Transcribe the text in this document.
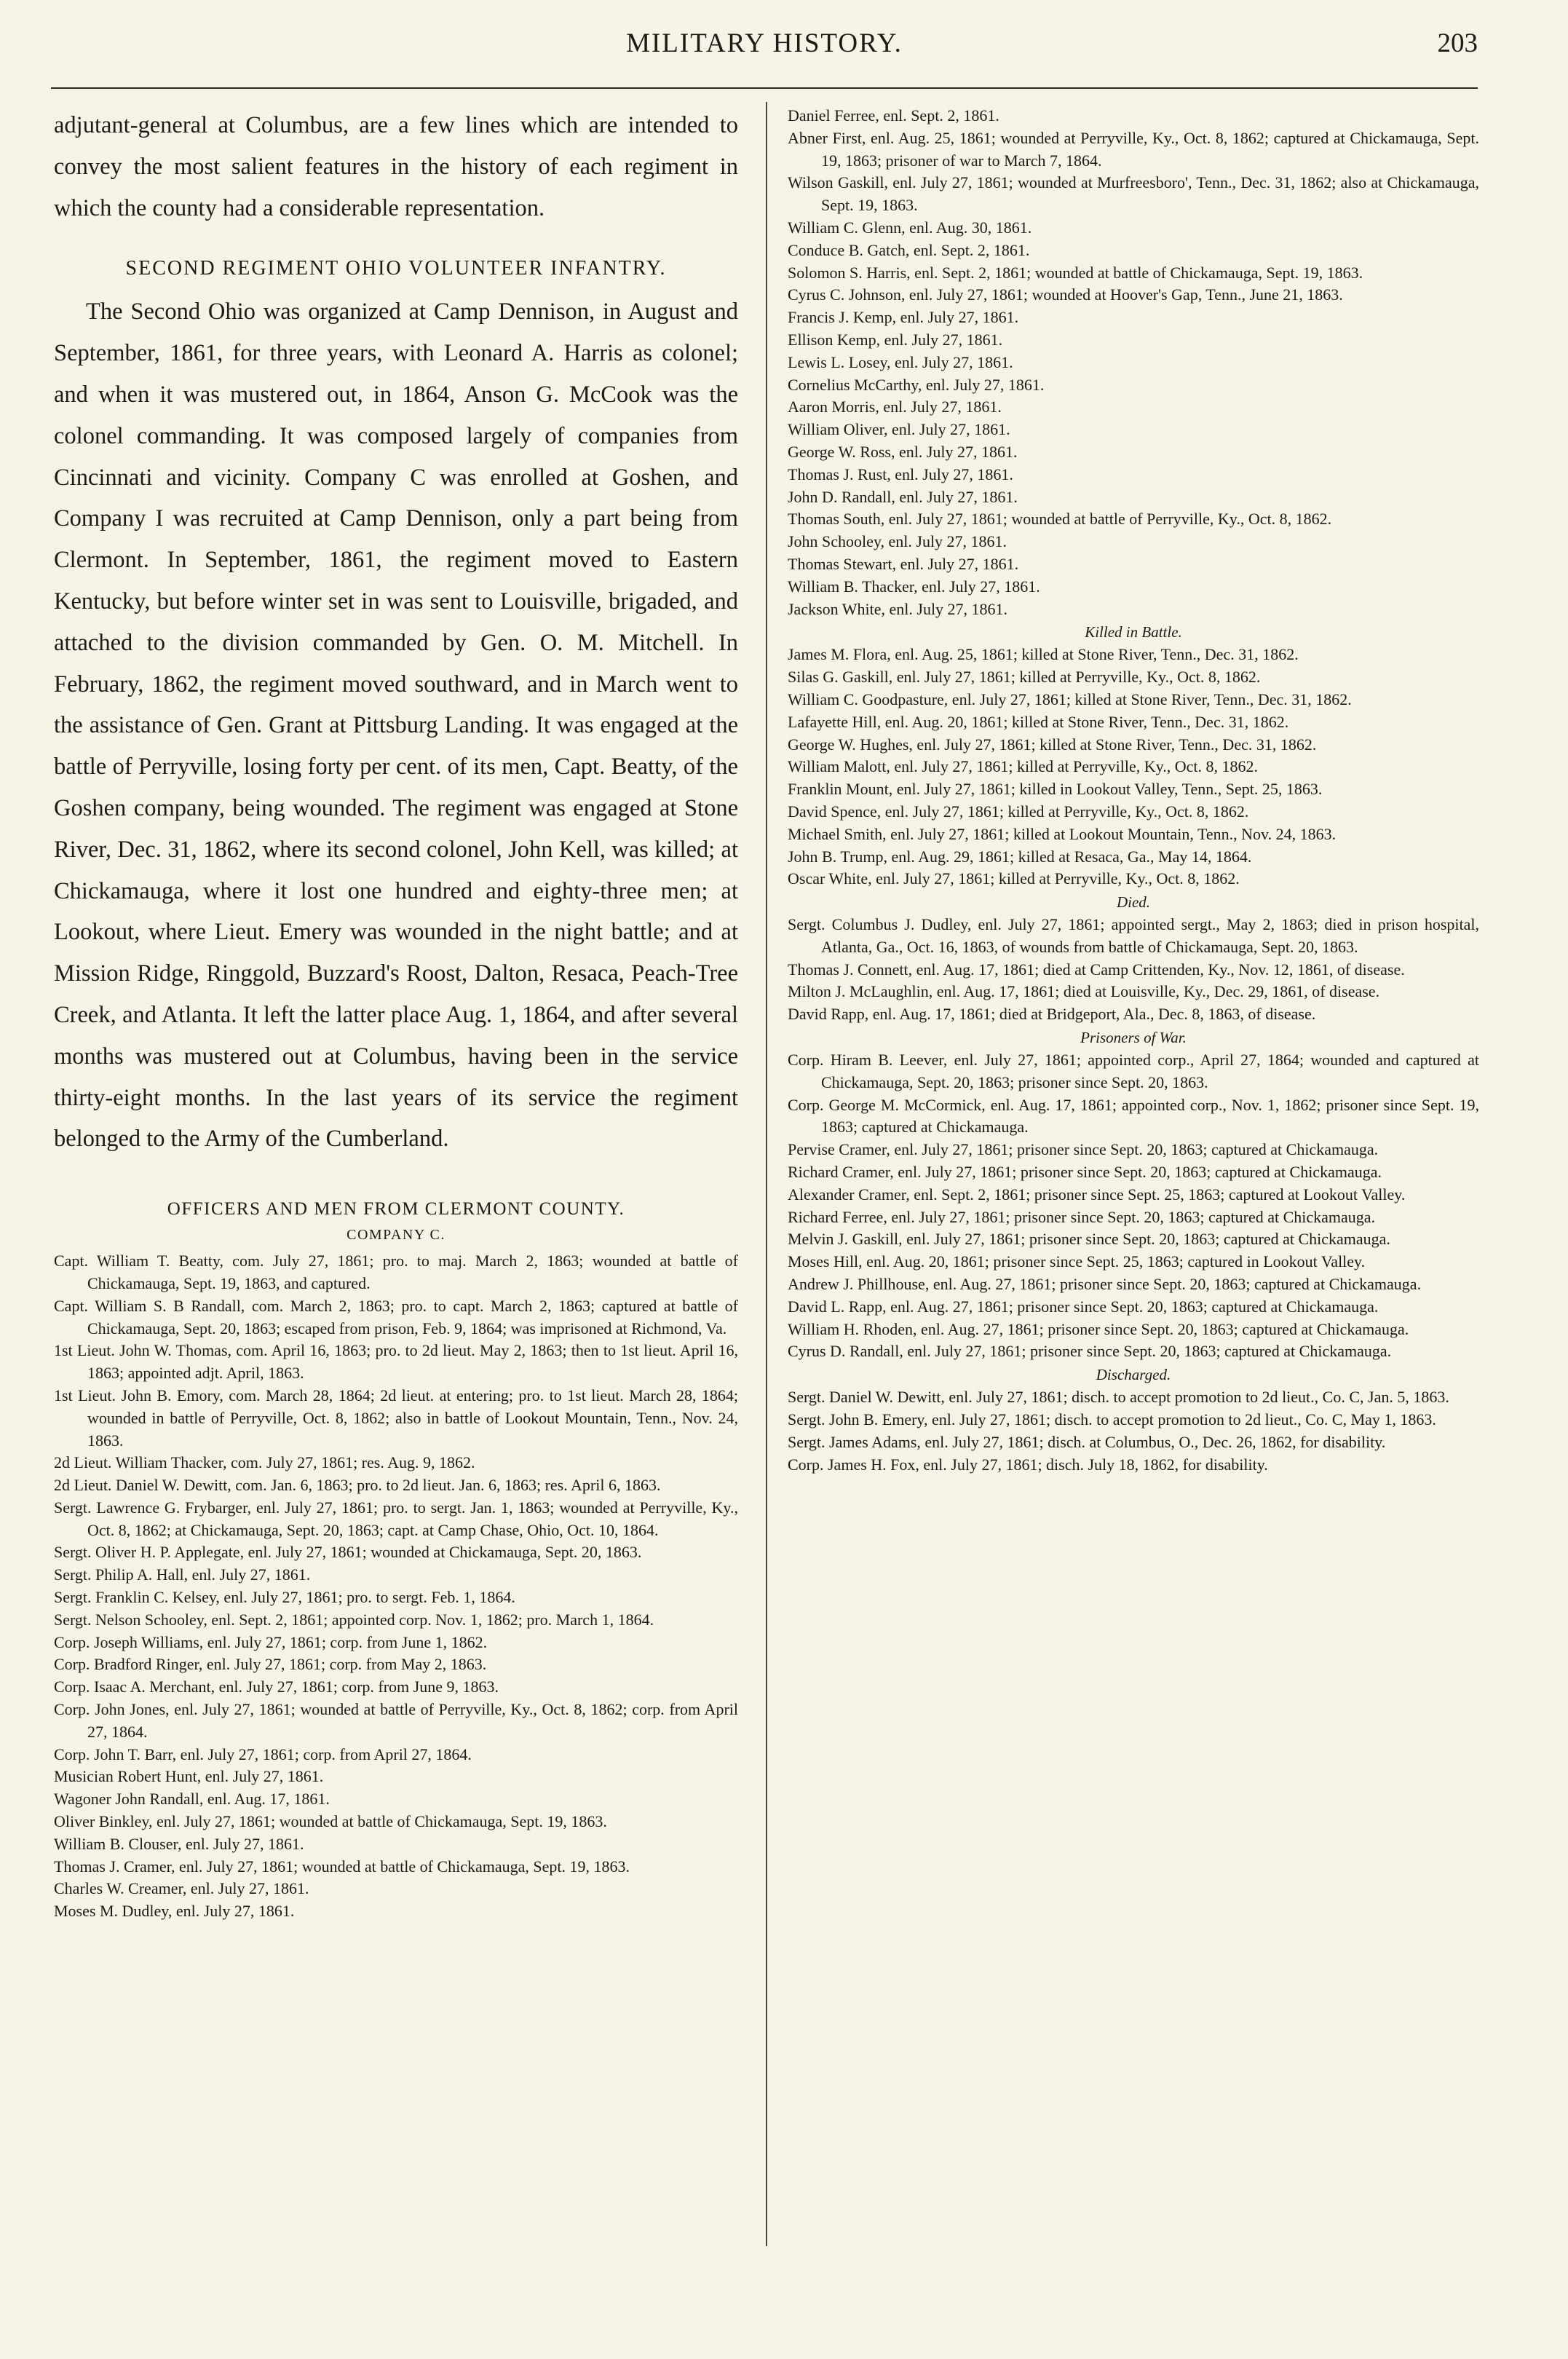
MILITARY HISTORY.	203

adjutant-general at Columbus, are a few lines which are intended to convey the most salient features in the history of each regiment in which the county had a considerable representation.

SECOND REGIMENT OHIO VOLUNTEER INFANTRY.

The Second Ohio was organized at Camp Dennison, in August and September, 1861, for three years, with Leonard A. Harris as colonel; and when it was mustered out, in 1864, Anson G. McCook was the colonel commanding. It was composed largely of companies from Cincinnati and vicinity. Company C was enrolled at Goshen, and Company I was recruited at Camp Dennison, only a part being from Clermont. In September, 1861, the regiment moved to Eastern Kentucky, but before winter set in was sent to Louisville, brigaded, and attached to the division commanded by Gen. O. M. Mitchell. In February, 1862, the regiment moved southward, and in March went to the assistance of Gen. Grant at Pittsburg Landing. It was engaged at the battle of Perryville, losing forty per cent. of its men, Capt. Beatty, of the Goshen company, being wounded. The regiment was engaged at Stone River, Dec. 31, 1862, where its second colonel, John Kell, was killed; at Chickamauga, where it lost one hundred and eighty-three men; at Lookout, where Lieut. Emery was wounded in the night battle; and at Mission Ridge, Ringgold, Buzzard's Roost, Dalton, Resaca, Peach-Tree Creek, and Atlanta. It left the latter place Aug. 1, 1864, and after several months was mustered out at Columbus, having been in the service thirty-eight months. In the last years of its service the regiment belonged to the Army of the Cumberland.

OFFICERS AND MEN FROM CLERMONT COUNTY.
COMPANY C.
Capt. William T. Beatty, com. July 27, 1861; pro. to maj. March 2, 1863; wounded at battle of Chickamauga, Sept. 19, 1863, and captured.
Capt. William S. B Randall, com. March 2, 1863; pro. to capt. March 2, 1863; captured at battle of Chickamauga, Sept. 20, 1863; escaped from prison, Feb. 9, 1864; was imprisoned at Richmond, Va.
1st Lieut. John W. Thomas, com. April 16, 1863; pro. to 2d lieut. May 2, 1863; then to 1st lieut. April 16, 1863; appointed adjt. April, 1863.
1st Lieut. John B. Emory, com. March 28, 1864; 2d lieut. at entering; pro. to 1st lieut. March 28, 1864; wounded in battle of Perryville, Oct. 8, 1862; also in battle of Lookout Mountain, Tenn., Nov. 24, 1863.
2d Lieut. William Thacker, com. July 27, 1861; res. Aug. 9, 1862.
2d Lieut. Daniel W. Dewitt, com. Jan. 6, 1863; pro. to 2d lieut. Jan. 6, 1863; res. April 6, 1863.
Sergt. Lawrence G. Frybarger, enl. July 27, 1861; pro. to sergt. Jan. 1, 1863; wounded at Perryville, Ky., Oct. 8, 1862; at Chickamauga, Sept. 20, 1863; capt. at Camp Chase, Ohio, Oct. 10, 1864.
Sergt. Oliver H. P. Applegate, enl. July 27, 1861; wounded at Chickamauga, Sept. 20, 1863.
Sergt. Philip A. Hall, enl. July 27, 1861.
Sergt. Franklin C. Kelsey, enl. July 27, 1861; pro. to sergt. Feb. 1, 1864.
Sergt. Nelson Schooley, enl. Sept. 2, 1861; appointed corp. Nov. 1, 1862; pro. March 1, 1864.
Corp. Joseph Williams, enl. July 27, 1861; corp. from June 1, 1862.
Corp. Bradford Ringer, enl. July 27, 1861; corp. from May 2, 1863.
Corp. Isaac A. Merchant, enl. July 27, 1861; corp. from June 9, 1863.
Corp. John Jones, enl. July 27, 1861; wounded at battle of Perryville, Ky., Oct. 8, 1862; corp. from April 27, 1864.
Corp. John T. Barr, enl. July 27, 1861; corp. from April 27, 1864.
Musician Robert Hunt, enl. July 27, 1861.
Wagoner John Randall, enl. Aug. 17, 1861.
Oliver Binkley, enl. July 27, 1861; wounded at battle of Chickamauga, Sept. 19, 1863.
William B. Clouser, enl. July 27, 1861.
Thomas J. Cramer, enl. July 27, 1861; wounded at battle of Chickamauga, Sept. 19, 1863.
Charles W. Creamer, enl. July 27, 1861.
Moses M. Dudley, enl. July 27, 1861.
Daniel Ferree, enl. Sept. 2, 1861.
Abner First, enl. Aug. 25, 1861; wounded at Perryville, Ky., Oct. 8, 1862; captured at Chickamauga, Sept. 19, 1863; prisoner of war to March 7, 1864.
Wilson Gaskill, enl. July 27, 1861; wounded at Murfreesboro', Tenn., Dec. 31, 1862; also at Chickamauga, Sept. 19, 1863.
William C. Glenn, enl. Aug. 30, 1861.
Conduce B. Gatch, enl. Sept. 2, 1861.
Solomon S. Harris, enl. Sept. 2, 1861; wounded at battle of Chickamauga, Sept. 19, 1863.
Cyrus C. Johnson, enl. July 27, 1861; wounded at Hoover's Gap, Tenn., June 21, 1863.
Francis J. Kemp, enl. July 27, 1861.
Ellison Kemp, enl. July 27, 1861.
Lewis L. Losey, enl. July 27, 1861.
Cornelius McCarthy, enl. July 27, 1861.
Aaron Morris, enl. July 27, 1861.
William Oliver, enl. July 27, 1861.
George W. Ross, enl. July 27, 1861.
Thomas J. Rust, enl. July 27, 1861.
John D. Randall, enl. July 27, 1861.
Thomas South, enl. July 27, 1861; wounded at battle of Perryville, Ky., Oct. 8, 1862.
John Schooley, enl. July 27, 1861.
Thomas Stewart, enl. July 27, 1861.
William B. Thacker, enl. July 27, 1861.
Jackson White, enl. July 27, 1861.
Killed in Battle.
James M. Flora, enl. Aug. 25, 1861; killed at Stone River, Tenn., Dec. 31, 1862.
Silas G. Gaskill, enl. July 27, 1861; killed at Perryville, Ky., Oct. 8, 1862.
William C. Goodpasture, enl. July 27, 1861; killed at Stone River, Tenn., Dec. 31, 1862.
Lafayette Hill, enl. Aug. 20, 1861; killed at Stone River, Tenn., Dec. 31, 1862.
George W. Hughes, enl. July 27, 1861; killed at Stone River, Tenn., Dec. 31, 1862.
William Malott, enl. July 27, 1861; killed at Perryville, Ky., Oct. 8, 1862.
Franklin Mount, enl. July 27, 1861; killed in Lookout Valley, Tenn., Sept. 25, 1863.
David Spence, enl. July 27, 1861; killed at Perryville, Ky., Oct. 8, 1862.
Michael Smith, enl. July 27, 1861; killed at Lookout Mountain, Tenn., Nov. 24, 1863.
John B. Trump, enl. Aug. 29, 1861; killed at Resaca, Ga., May 14, 1864.
Oscar White, enl. July 27, 1861; killed at Perryville, Ky., Oct. 8, 1862.
Died.
Sergt. Columbus J. Dudley, enl. July 27, 1861; appointed sergt., May 2, 1863; died in prison hospital, Atlanta, Ga., Oct. 16, 1863, of wounds from battle of Chickamauga, Sept. 20, 1863.
Thomas J. Connett, enl. Aug. 17, 1861; died at Camp Crittenden, Ky., Nov. 12, 1861, of disease.
Milton J. McLaughlin, enl. Aug. 17, 1861; died at Louisville, Ky., Dec. 29, 1861, of disease.
David Rapp, enl. Aug. 17, 1861; died at Bridgeport, Ala., Dec. 8, 1863, of disease.
Prisoners of War.
Corp. Hiram B. Leever, enl. July 27, 1861; appointed corp., April 27, 1864; wounded and captured at Chickamauga, Sept. 20, 1863; prisoner since Sept. 20, 1863.
Corp. George M. McCormick, enl. Aug. 17, 1861; appointed corp., Nov. 1, 1862; prisoner since Sept. 19, 1863; captured at Chickamauga.
Pervise Cramer, enl. July 27, 1861; prisoner since Sept. 20, 1863; captured at Chickamauga.
Richard Cramer, enl. July 27, 1861; prisoner since Sept. 20, 1863; captured at Chickamauga.
Alexander Cramer, enl. Sept. 2, 1861; prisoner since Sept. 25, 1863; captured at Lookout Valley.
Richard Ferree, enl. July 27, 1861; prisoner since Sept. 20, 1863; captured at Chickamauga.
Melvin J. Gaskill, enl. July 27, 1861; prisoner since Sept. 20, 1863; captured at Chickamauga.
Moses Hill, enl. Aug. 20, 1861; prisoner since Sept. 25, 1863; captured in Lookout Valley.
Andrew J. Phillhouse, enl. Aug. 27, 1861; prisoner since Sept. 20, 1863; captured at Chickamauga.
David L. Rapp, enl. Aug. 27, 1861; prisoner since Sept. 20, 1863; captured at Chickamauga.
William H. Rhoden, enl. Aug. 27, 1861; prisoner since Sept. 20, 1863; captured at Chickamauga.
Cyrus D. Randall, enl. July 27, 1861; prisoner since Sept. 20, 1863; captured at Chickamauga.
Discharged.
Sergt. Daniel W. Dewitt, enl. July 27, 1861; disch. to accept promotion to 2d lieut., Co. C, Jan. 5, 1863.
Sergt. John B. Emery, enl. July 27, 1861; disch. to accept promotion to 2d lieut., Co. C, May 1, 1863.
Sergt. James Adams, enl. July 27, 1861; disch. at Columbus, O., Dec. 26, 1862, for disability.
Corp. James H. Fox, enl. July 27, 1861; disch. July 18, 1862, for disability.
